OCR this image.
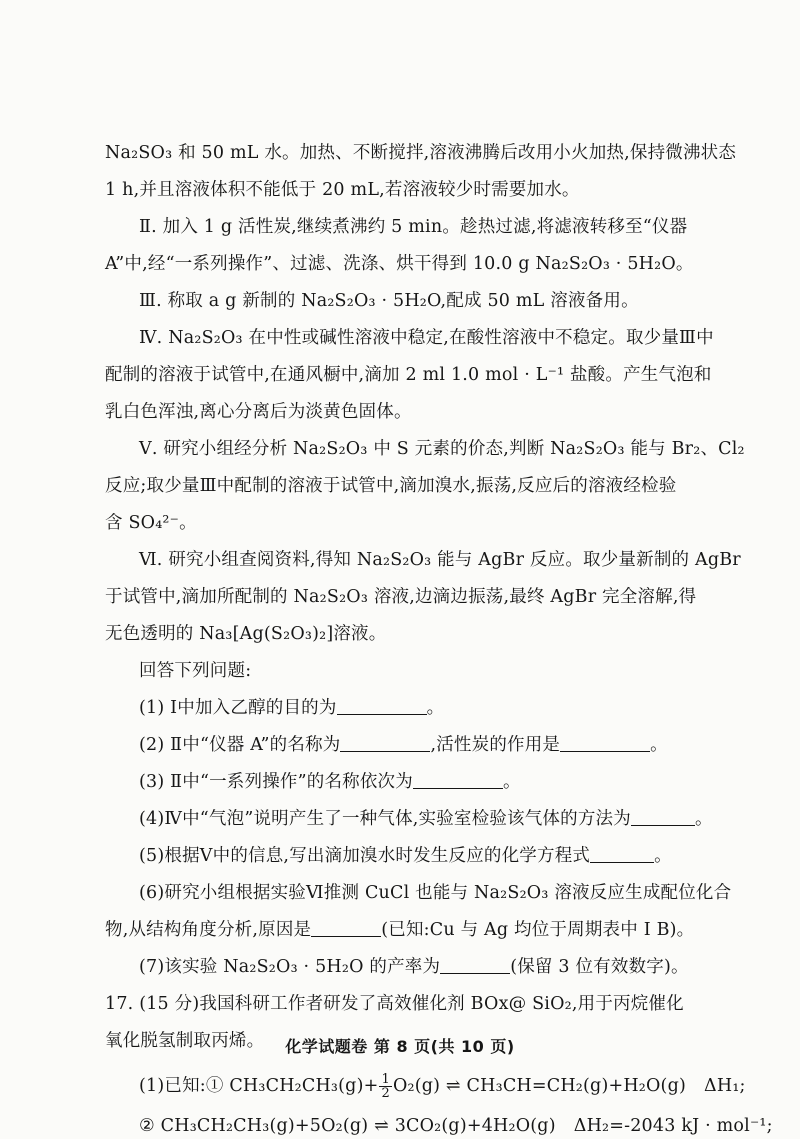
Na₂SO₃ 和 50 mL 水。加热、不断搅拌,溶液沸腾后改用小火加热,保持微沸状态
1 h,并且溶液体积不能低于 20 mL,若溶液较少时需要加水。
Ⅱ. 加入 1 g 活性炭,继续煮沸约 5 min。趁热过滤,将滤液转移至“仪器
A”中,经“一系列操作”、过滤、洗涤、烘干得到 10.0 g Na₂S₂O₃ · 5H₂O。
Ⅲ. 称取 a g 新制的 Na₂S₂O₃ · 5H₂O,配成 50 mL 溶液备用。
Ⅳ. Na₂S₂O₃ 在中性或碱性溶液中稳定,在酸性溶液中不稳定。取少量Ⅲ中
配制的溶液于试管中,在通风橱中,滴加 2 ml 1.0 mol · L⁻¹ 盐酸。产生气泡和
乳白色浑浊,离心分离后为淡黄色固体。
Ⅴ. 研究小组经分析 Na₂S₂O₃ 中 S 元素的价态,判断 Na₂S₂O₃ 能与 Br₂、Cl₂
反应;取少量Ⅲ中配制的溶液于试管中,滴加溴水,振荡,反应后的溶液经检验
含 SO₄²⁻。
Ⅵ. 研究小组查阅资料,得知 Na₂S₂O₃ 能与 AgBr 反应。取少量新制的 AgBr
于试管中,滴加所配制的 Na₂S₂O₃ 溶液,边滴边振荡,最终 AgBr 完全溶解,得
无色透明的 Na₃[Ag(S₂O₃)₂]溶液。
回答下列问题:
(1) Ⅰ中加入乙醇的目的为	。
(2) Ⅱ中“仪器 A”的名称为	,活性炭的作用是	。
(3) Ⅱ中“一系列操作”的名称依次为	。
(4)Ⅳ中“气泡”说明产生了一种气体,实验室检验该气体的方法为	。
(5)根据Ⅴ中的信息,写出滴加溴水时发生反应的化学方程式	。
(6)研究小组根据实验Ⅵ推测 CuCl 也能与 Na₂S₂O₃ 溶液反应生成配位化合
物,从结构角度分析,原因是	(已知:Cu 与 Ag 均位于周期表中 Ⅰ B)。
(7)该实验 Na₂S₂O₃ · 5H₂O 的产率为	(保留 3 位有效数字)。
17. (15 分)我国科研工作者研发了高效催化剂 BOx@ SiO₂,用于丙烷催化
氧化脱氢制取丙烯。
(1)已知:① $CH_3CH_2CH_3(g)+ \frac{1}{2} O_2(g)$ ⇌ CH₃CH=CH₂(g)+H₂O(g) ΔH₁;
② CH₃CH₂CH₃(g)+5O₂(g) ⇌ 3CO₂(g)+4H₂O(g) ΔH₂=-2043 kJ · mol⁻¹;
化学试题卷 第 8 页(共 10 页)
